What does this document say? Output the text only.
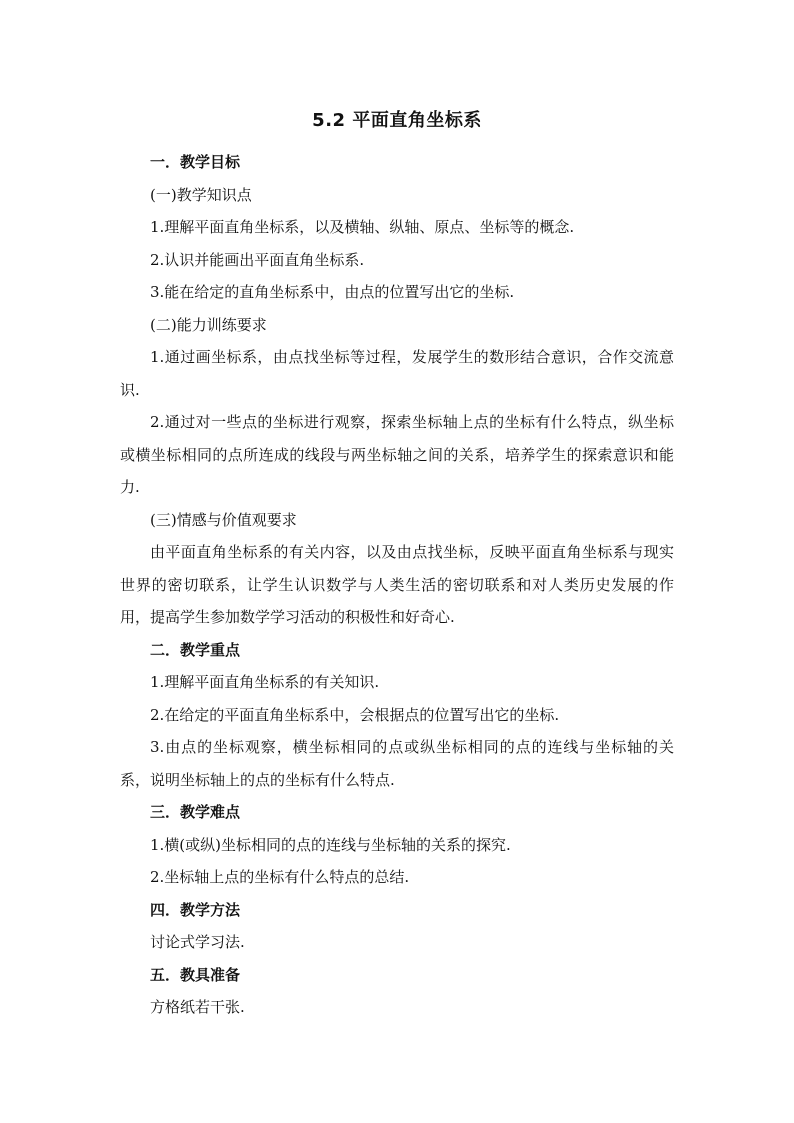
5.2 平面直角坐标系

一．教学目标

(一)教学知识点

1.理解平面直角坐标系，以及横轴、纵轴、原点、坐标等的概念.

2.认识并能画出平面直角坐标系.

3.能在给定的直角坐标系中，由点的位置写出它的坐标.

(二)能力训练要求

1.通过画坐标系，由点找坐标等过程，发展学生的数形结合意识，合作交流意识.

2.通过对一些点的坐标进行观察，探索坐标轴上点的坐标有什么特点，纵坐标或横坐标相同的点所连成的线段与两坐标轴之间的关系，培养学生的探索意识和能力.

(三)情感与价值观要求

由平面直角坐标系的有关内容，以及由点找坐标，反映平面直角坐标系与现实世界的密切联系，让学生认识数学与人类生活的密切联系和对人类历史发展的作用，提高学生参加数学学习活动的积极性和好奇心.

二．教学重点

1.理解平面直角坐标系的有关知识.

2.在给定的平面直角坐标系中，会根据点的位置写出它的坐标.

3.由点的坐标观察，横坐标相同的点或纵坐标相同的点的连线与坐标轴的关系，说明坐标轴上的点的坐标有什么特点.

三．教学难点

1.横(或纵)坐标相同的点的连线与坐标轴的关系的探究.

2.坐标轴上点的坐标有什么特点的总结.

四．教学方法

讨论式学习法.

五．教具准备

方格纸若干张.
